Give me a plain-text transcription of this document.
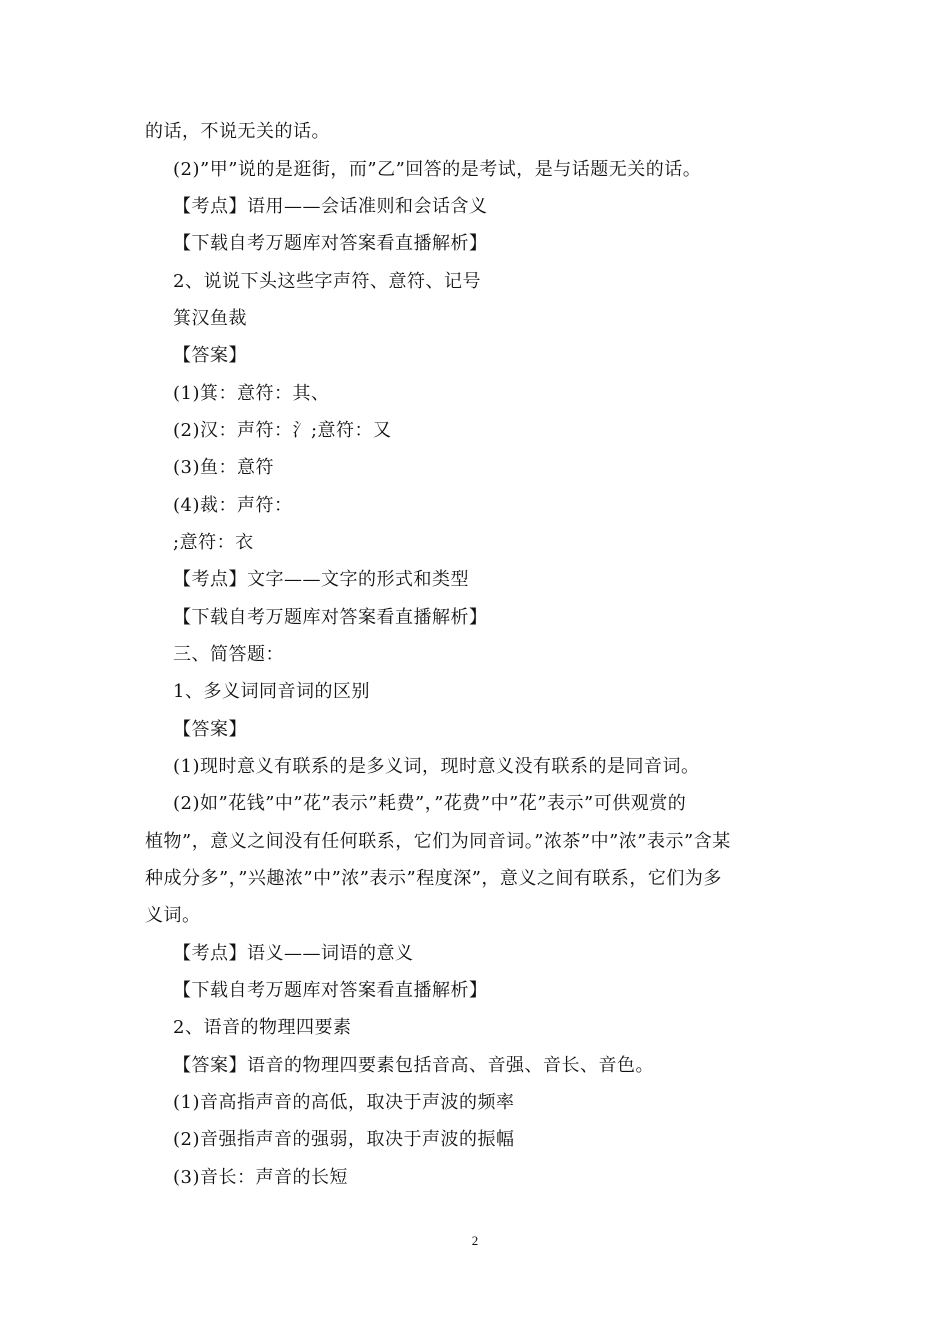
的话，不说无关的话。
(2)”甲”说的是逛街，而”乙”回答的是考试，是与话题无关的话。
【考点】语用——会话准则和会话含义
【下载自考万题库对答案看直播解析】
2、说说下头这些字声符、意符、记号
箕汉鱼裁
【答案】
(1)箕：意符：其、
(2)汉：声符：氵;意符：又
(3)鱼：意符
(4)裁：声符：
;意符：衣
【考点】文字——文字的形式和类型
【下载自考万题库对答案看直播解析】
三、简答题：
1、多义词同音词的区别
【答案】
(1)现时意义有联系的是多义词，现时意义没有联系的是同音词。
(2)如”花钱”中”花”表示”耗费”，”花费”中”花”表示”可供观赏的
植物”，意义之间没有任何联系，它们为同音词。”浓茶”中”浓”表示”含某
种成分多”，”兴趣浓”中”浓”表示”程度深”，意义之间有联系，它们为多
义词。
【考点】语义——词语的意义
【下载自考万题库对答案看直播解析】
2、语音的物理四要素
【答案】语音的物理四要素包括音高、音强、音长、音色。
(1)音高指声音的高低，取决于声波的频率
(2)音强指声音的强弱，取决于声波的振幅
(3)音长：声音的长短
2
